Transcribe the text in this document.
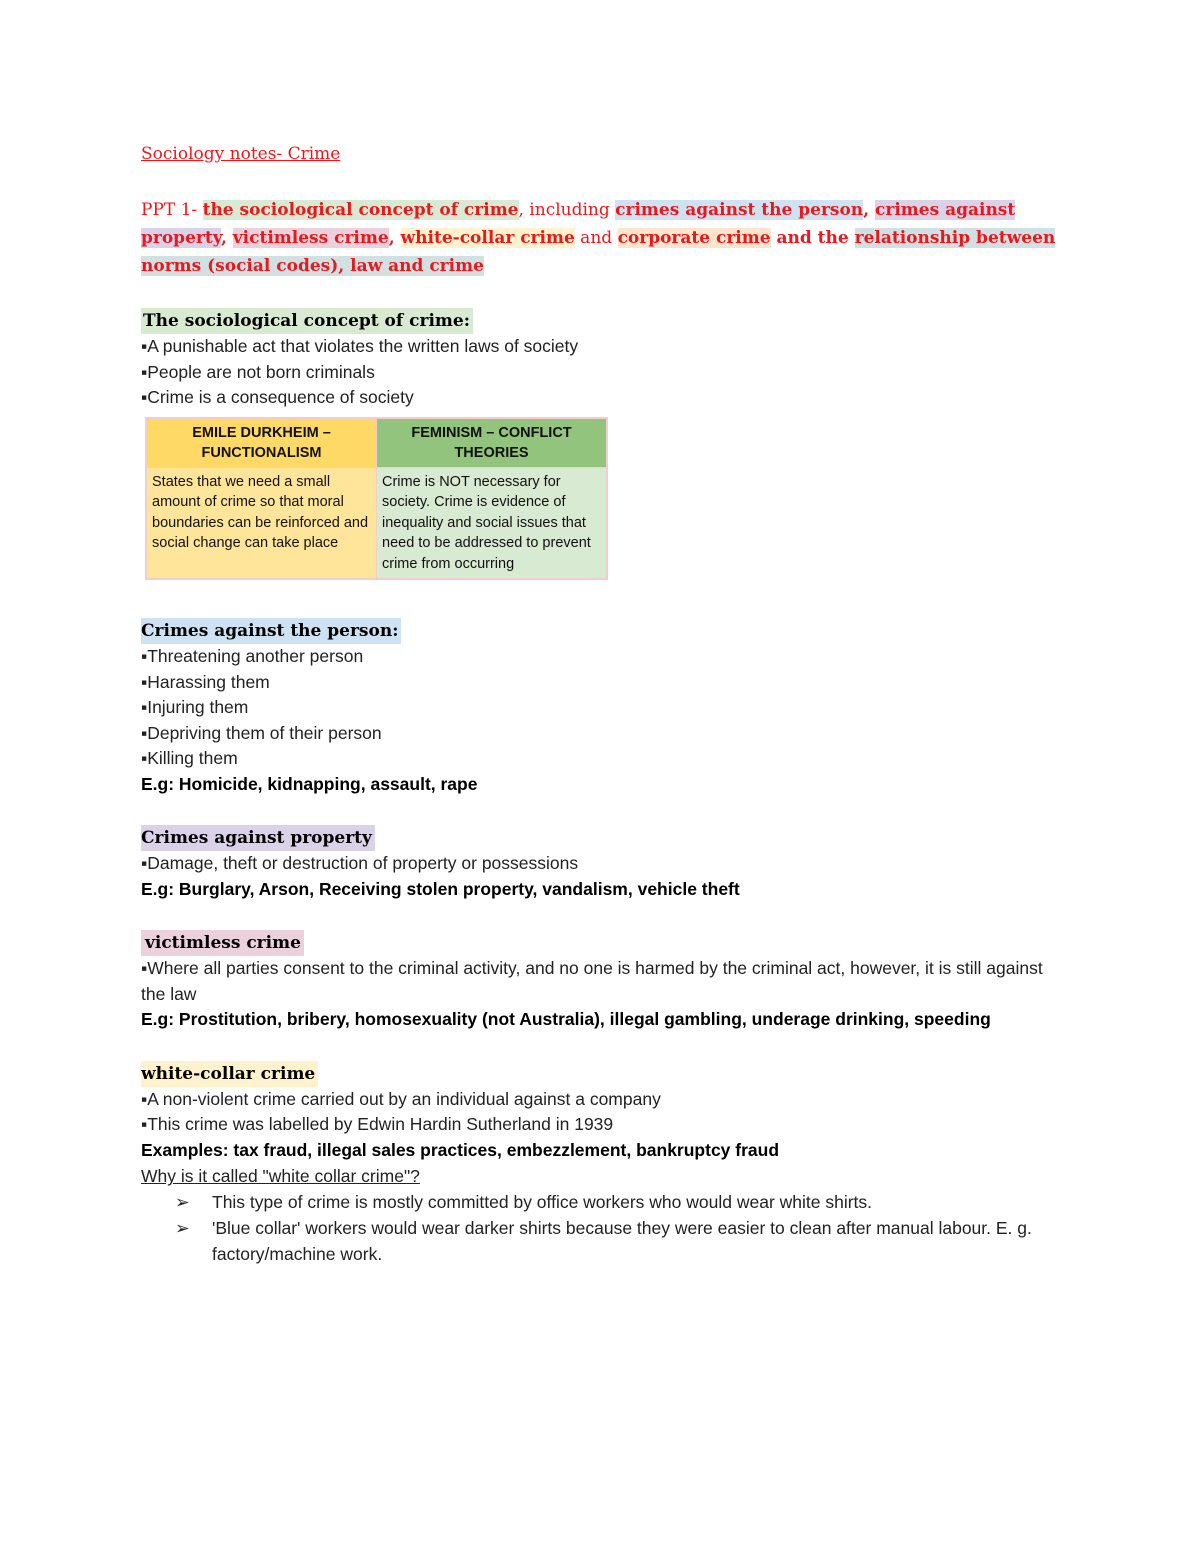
Sociology notes- Crime

PPT 1- the sociological concept of crime, including crimes against the person, crimes against property, victimless crime, white-collar crime and corporate crime and the relationship between norms (social codes), law and crime

The sociological concept of crime:

▪A punishable act that violates the written laws of society

▪People are not born criminals

▪Crime is a consequence of society

EMILE DURKHEIM – FUNCTIONALISM	FEMINISM – CONFLICT THEORIES
States that we need a small amount of crime so that moral boundaries can be reinforced and social change can take place	Crime is NOT necessary for society. Crime is evidence of inequality and social issues that need to be addressed to prevent crime from occurring
Crimes against the person:

▪Threatening another person

▪Harassing them

▪Injuring them

▪Depriving them of their person

▪Killing them

E.g: Homicide, kidnapping, assault, rape

Crimes against property

▪Damage, theft or destruction of property or possessions

E.g: Burglary, Arson, Receiving stolen property, vandalism, vehicle theft

victimless crime

▪Where all parties consent to the criminal activity, and no one is harmed by the criminal act, however, it is still against the law

E.g: Prostitution, bribery, homosexuality (not Australia), illegal gambling, underage drinking, speeding

white-collar crime

▪A non-violent crime carried out by an individual against a company

▪This crime was labelled by Edwin Hardin Sutherland in 1939

Examples: tax fraud, illegal sales practices, embezzlement, bankruptcy fraud

Why is it called "white collar crime"?

➢ This type of crime is mostly committed by office workers who would wear white shirts.
➢ 'Blue collar' workers would wear darker shirts because they were easier to clean after manual labour. E. g. factory/machine work.
